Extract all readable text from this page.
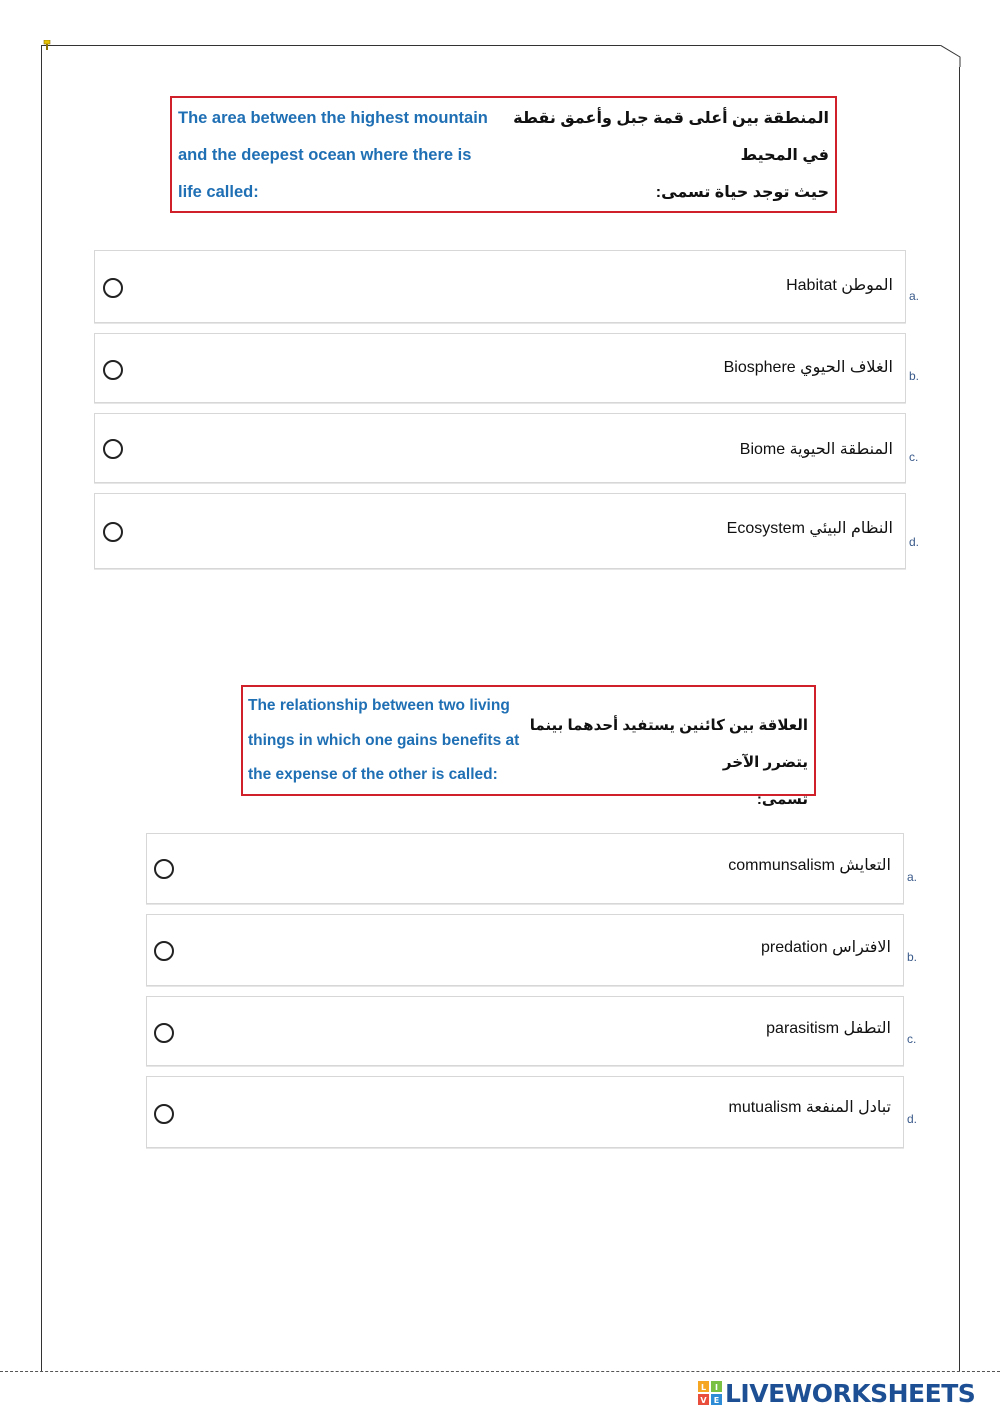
The area between the highest mountain
and the deepest ocean where there is
life called:
المنطقة بين أعلى قمة جبل وأعمق نقطة في المحيط
حيث توجد حياة تسمى:
الموطن Habitat
a.
الغلاف الحيوي Biosphere b.
المنطقة الحيوية Biome c.
النظام البيئي Ecosystem
d.
The relationship between two living
things in which one gains benefits at
the expense of the other is called:
العلاقة بين كائنين يستفيد أحدهما بينما يتضرر الآخر
تسمى:
التعايش communsalism
a.
الافتراس predation
b.
التطفل parasitism
c.
تبادل المنفعة mutualism
d.
L I
V E LIVEWORKSHEETS
